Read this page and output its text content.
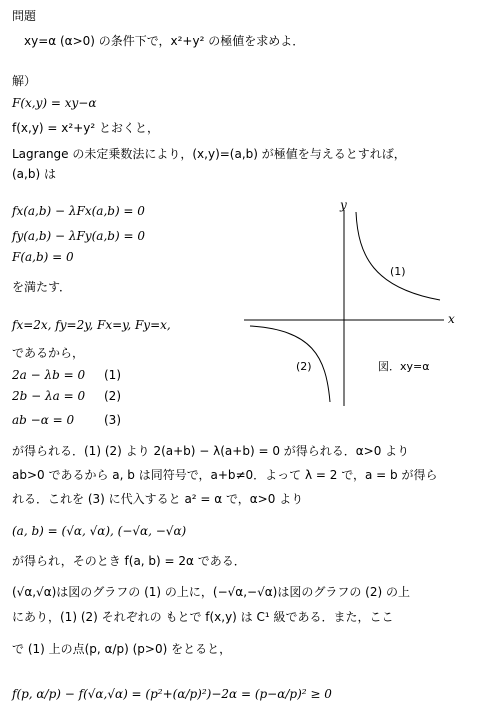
問題
xy=α (α>0) の条件下で，x²+y² の極値を求めよ．
解）
F(x,y) = xy−α
f(x,y) = x²+y² とおくと，
Lagrange の未定乗数法により，(x,y)=(a,b) が極値を与えるとすれば，
(a,b) は
fx(a,b) − λFx(a,b) = 0
fy(a,b) − λFy(a,b) = 0
F(a,b) = 0
を満たす．
fx=2x, fy=2y, Fx=y, Fy=x,
であるから，
2a − λb = 0 (1)
2b − λa = 0 (2)
ab −α = 0 (3)
が得られる．(1) (2) より 2(a+b) − λ(a+b) = 0 が得られる．α>0 より
ab>0 であるから a, b は同符号で，a+b≠0．よって λ = 2 で，a = b が得ら
れる．これを (3) に代入すると a² = α で，α>0 より
(a, b) = (√α, √α), (−√α, −√α)
が得られ，そのとき f(a, b) = 2α である．
(√α,√α)は図のグラフの (1) の上に，(−√α,−√α)は図のグラフの (2) の上
にあり，(1) (2) それぞれの もとで f(x,y) は C¹ 級である．また，ここ
で (1) 上の点(p, α/p) (p>0) をとると，
f(p, α/p) − f(√α,√α) = (p²+(α/p)²)−2α = (p−α/p)² ≥ 0
y
x
(1)
(2)	図．xy=α
